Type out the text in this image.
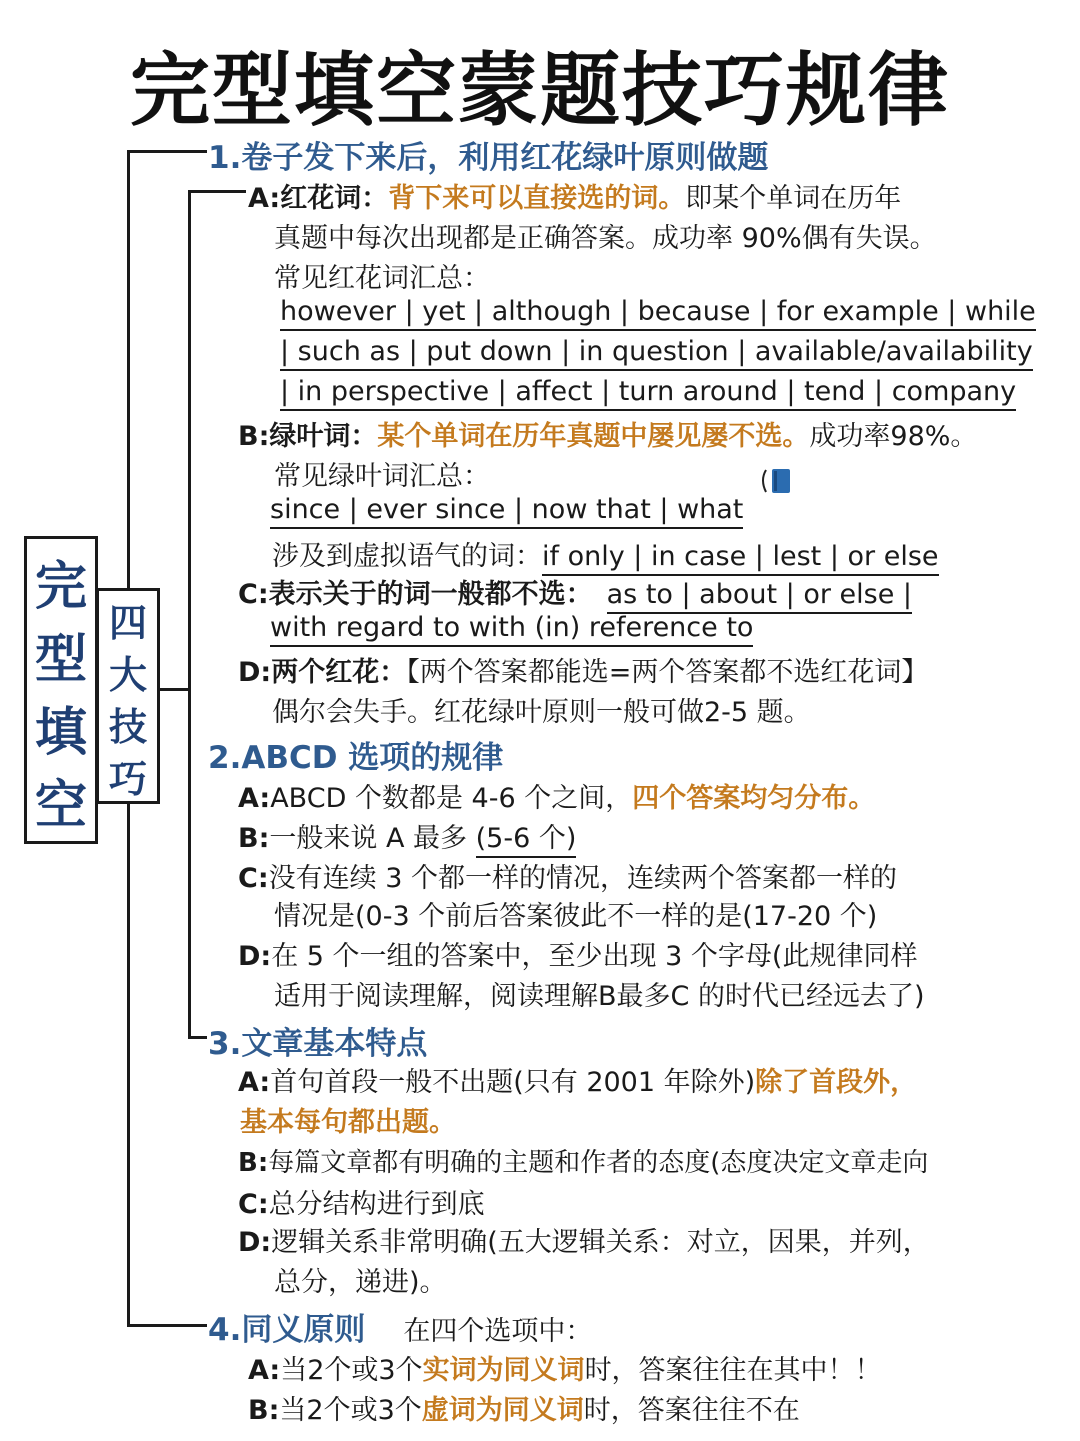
完型填空蒙题技巧规律
完
型
填
空
四
大
技
巧
1.卷子发下来后，利用红花绿叶原则做题
A:红花词：背下来可以直接选的词。即某个单词在历年
真题中每次出现都是正确答案。成功率 90%偶有失误。
常见红花词汇总：
however | yet | although | because | for example | while
| such as | put down | in question | available/availability
| in perspective | affect | turn around | tend | company
B:绿叶词：某个单词在历年真题中屡见屡不选。成功率98%。
常见绿叶词汇总：
since | ever since | now that | what
涉及到虚拟语气的词：if only | in case | lest | or else
C:表示关于的词一般都不选： as to | about | or else |
with regard to with (in) reference to
D:两个红花：【两个答案都能选=两个答案都不选红花词】
偶尔会失手。红花绿叶原则一般可做2-5 题。
2.ABCD 选项的规律
A:ABCD 个数都是 4-6 个之间，四个答案均匀分布。
B:一般来说 A 最多 (5-6 个)
C:没有连续 3 个都一样的情况，连续两个答案都一样的
情况是(0-3 个前后答案彼此不一样的是(17-20 个)
D:在 5 个一组的答案中，至少出现 3 个字母(此规律同样
适用于阅读理解，阅读理解B最多C 的时代已经远去了)
3.文章基本特点
A:首句首段一般不出题(只有 2001 年除外)除了首段外，
基本每句都出题。
B:每篇文章都有明确的主题和作者的态度(态度决定文章走向
C:总分结构进行到底
D:逻辑关系非常明确(五大逻辑关系：对立，因果，并列，
总分，递进)。
4.同义原则 在四个选项中：
A:当2个或3个实词为同义词时，答案往往在其中！！
B:当2个或3个虚词为同义词时，答案往往不在
